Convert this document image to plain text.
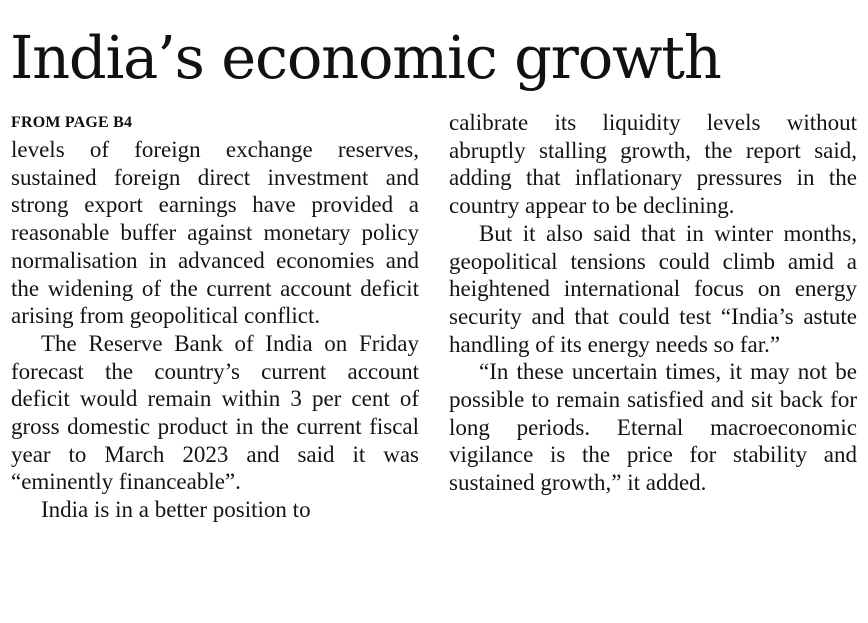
India’s economic growth
FROM PAGE B4

levels of foreign exchange reserves, sustained foreign direct investment and strong export earnings have provided a reasonable buffer against monetary policy normalisation in advanced economies and the widening of the current account deficit arising from geopolitical conflict.

The Reserve Bank of India on Friday forecast the country’s current account deficit would remain within 3 per cent of gross domestic product in the current fiscal year to March 2023 and said it was “eminently financeable”.

India is in a better position to

calibrate its liquidity levels without abruptly stalling growth, the report said, adding that inflationary pressures in the country appear to be declining.

But it also said that in winter months, geopolitical tensions could climb amid a heightened international focus on energy security and that could test “India’s astute handling of its energy needs so far.”

“In these uncertain times, it may not be possible to remain satisfied and sit back for long periods. Eternal macroeconomic vigilance is the price for stability and sustained growth,” it added.
